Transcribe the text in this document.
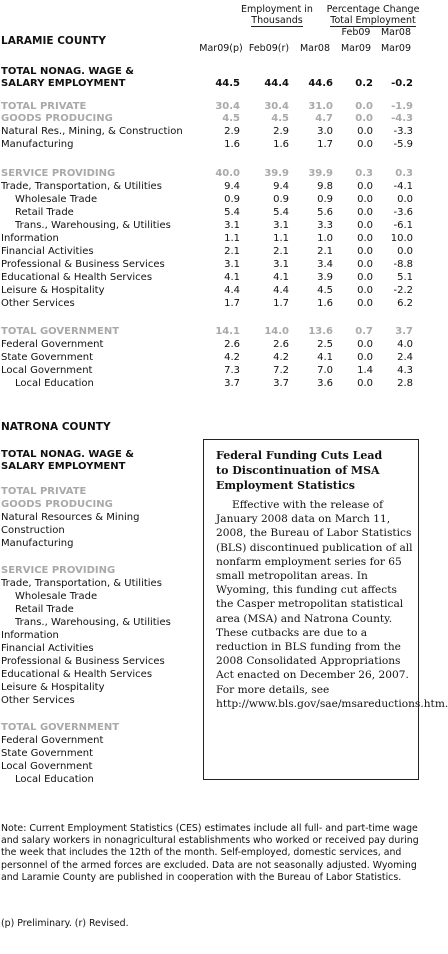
Employment in
Thousands
Percentage Change
Total Employment
Feb09	Mar08
Mar09(p) Feb09(r)	Mar08	Mar09	Mar09
LARAMIE COUNTY
TOTAL NONAG. WAGE &
SALARY EMPLOYMENT	44.5	44.4	44.6	0.2	-0.2
TOTAL PRIVATE	30.4	30.4	31.0	0.0	-1.9
GOODS PRODUCING	4.5	4.5	4.7	0.0	-4.3
Natural Res., Mining, & Construction	2.9	2.9	3.0	0.0	-3.3
Manufacturing	1.6	1.6	1.7	0.0	-5.9
SERVICE PROVIDING	40.0	39.9	39.9	0.3	0.3
Trade, Transportation, & Utilities	9.4	9.4	9.8	0.0	-4.1
Wholesale Trade	0.9	0.9	0.9	0.0	0.0
Retail Trade	5.4	5.4	5.6	0.0	-3.6
Trans., Warehousing, & Utilities	3.1	3.1	3.3	0.0	-6.1
Information	1.1	1.1	1.0	0.0	10.0
Financial Activities	2.1	2.1	2.1	0.0	0.0
Professional & Business Services	3.1	3.1	3.4	0.0	-8.8
Educational & Health Services	4.1	4.1	3.9	0.0	5.1
Leisure & Hospitality	4.4	4.4	4.5	0.0	-2.2
Other Services	1.7	1.7	1.6	0.0	6.2
TOTAL GOVERNMENT	14.1	14.0	13.6	0.7	3.7
Federal Government	2.6	2.6	2.5	0.0	4.0
State Government	4.2	4.2	4.1	0.0	2.4
Local Government	7.3	7.2	7.0	1.4	4.3
Local Education	3.7	3.7	3.6	0.0	2.8
NATRONA COUNTY
TOTAL NONAG. WAGE &
SALARY EMPLOYMENT
TOTAL PRIVATE
GOODS PRODUCING
Natural Resources & Mining
Construction
Manufacturing
SERVICE PROVIDING
Trade, Transportation, & Utilities
Wholesale Trade
Retail Trade
Trans., Warehousing, & Utilities
Information
Financial Activities
Professional & Business Services
Educational & Health Services
Leisure & Hospitality
Other Services
TOTAL GOVERNMENT
Federal Government
State Government
Local Government
Local Education
Federal Funding Cuts Lead
to Discontinuation of MSA
Employment Statistics
Effective with the release of January 2008 data on March 11, 2008, the Bureau of Labor Statistics (BLS) discontinued publication of all nonfarm employment series for 65 small metropolitan areas. In Wyoming, this funding cut affects the Casper metropolitan statistical area (MSA) and Natrona County. These cutbacks are due to a reduction in BLS funding from the 2008 Consolidated Appropriations Act enacted on December 26, 2007. For more details, see http://www.bls.gov/sae/msareductions.htm.
Note: Current Employment Statistics (CES) estimates include all full- and part-time wage and salary workers in nonagricultural establishments who worked or received pay during the week that includes the 12th of the month. Self-employed, domestic services, and personnel of the armed forces are excluded. Data are not seasonally adjusted. Wyoming and Laramie County are published in cooperation with the Bureau of Labor Statistics.
(p) Preliminary. (r) Revised.
